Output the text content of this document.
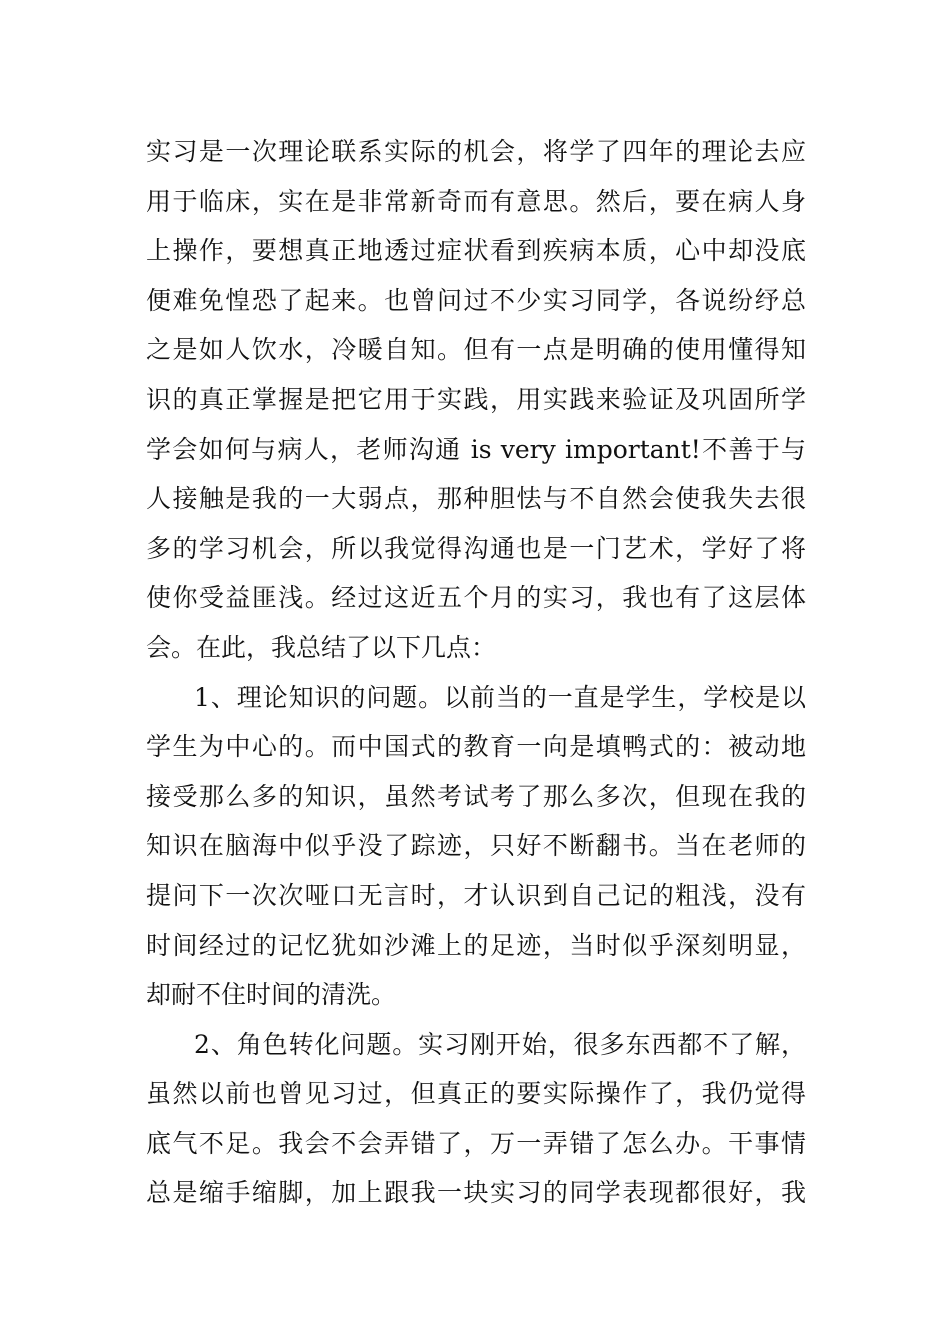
实习是一次理论联系实际的机会，将学了四年的理论去应
用于临床，实在是非常新奇而有意思。然后，要在病人身
上操作，要想真正地透过症状看到疾病本质，心中却没底
便难免惶恐了起来。也曾问过不少实习同学，各说纷纾总
之是如人饮水，冷暖自知。但有一点是明确的使用懂得知
识的真正掌握是把它用于实践，用实践来验证及巩固所学
学会如何与病人，老师沟通 is very important!不善于与
人接触是我的一大弱点，那种胆怯与不自然会使我失去很
多的学习机会，所以我觉得沟通也是一门艺术，学好了将
使你受益匪浅。经过这近五个月的实习，我也有了这层体
会。在此，我总结了以下几点：
1、理论知识的问题。以前当的一直是学生，学校是以
学生为中心的。而中国式的教育一向是填鸭式的：被动地
接受那么多的知识，虽然考试考了那么多次，但现在我的
知识在脑海中似乎没了踪迹，只好不断翻书。当在老师的
提问下一次次哑口无言时，才认识到自己记的粗浅，没有
时间经过的记忆犹如沙滩上的足迹，当时似乎深刻明显，
却耐不住时间的清洗。
2、角色转化问题。实习刚开始，很多东西都不了解，
虽然以前也曾见习过，但真正的要实际操作了，我仍觉得
底气不足。我会不会弄错了，万一弄错了怎么办。干事情
总是缩手缩脚，加上跟我一块实习的同学表现都很好，我
